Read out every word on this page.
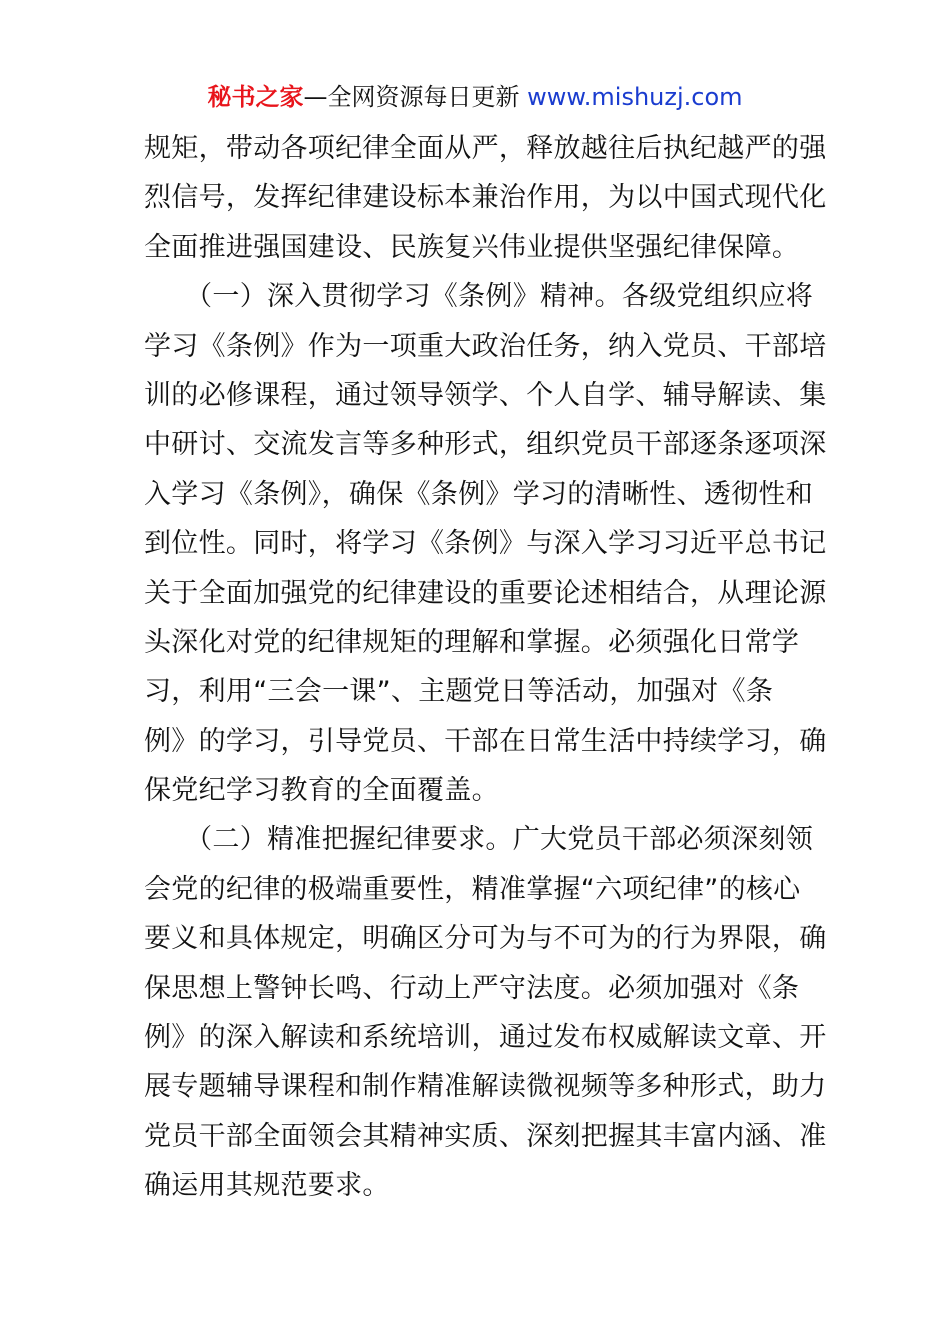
秘书之家—全网资源每日更新 www.mishuzj.com
规矩，带动各项纪律全面从严，释放越往后执纪越严的强
烈信号，发挥纪律建设标本兼治作用，为以中国式现代化
全面推进强国建设、民族复兴伟业提供坚强纪律保障。
　　（一）深入贯彻学习《条例》精神。各级党组织应将
学习《条例》作为一项重大政治任务，纳入党员、干部培
训的必修课程，通过领导领学、个人自学、辅导解读、集
中研讨、交流发言等多种形式，组织党员干部逐条逐项深
入学习《条例》，确保《条例》学习的清晰性、透彻性和
到位性。同时，将学习《条例》与深入学习习近平总书记
关于全面加强党的纪律建设的重要论述相结合，从理论源
头深化对党的纪律规矩的理解和掌握。必须强化日常学
习，利用“三会一课”、主题党日等活动，加强对《条
例》的学习，引导党员、干部在日常生活中持续学习，确
保党纪学习教育的全面覆盖。
　　（二）精准把握纪律要求。广大党员干部必须深刻领
会党的纪律的极端重要性，精准掌握“六项纪律”的核心
要义和具体规定，明确区分可为与不可为的行为界限，确
保思想上警钟长鸣、行动上严守法度。必须加强对《条
例》的深入解读和系统培训，通过发布权威解读文章、开
展专题辅导课程和制作精准解读微视频等多种形式，助力
党员干部全面领会其精神实质、深刻把握其丰富内涵、准
确运用其规范要求。
